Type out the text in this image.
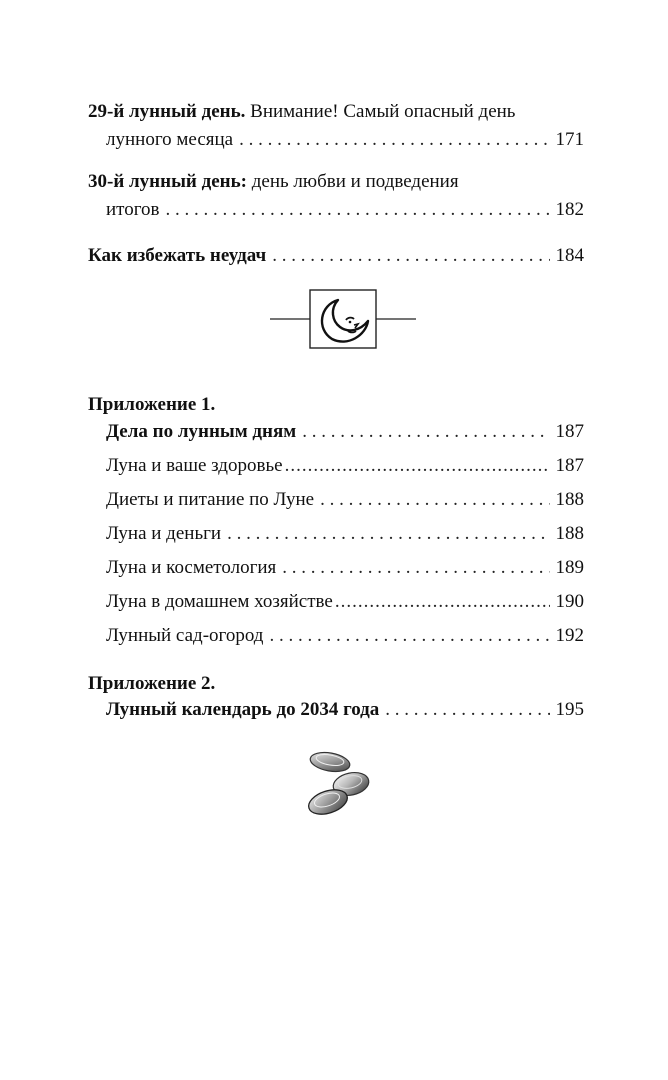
29-й лунный день. Внимание! Самый опасный день
лунного месяца . . .	171
30-й лунный день: день любви и подведения
итогов . . .	182
Как избежать неудач . . .	184
Приложение 1.
Дела по лунным дням . . .	187
Луна и ваше здоровье .....	187
Диеты и питание по Луне . . .	188
Луна и деньги . . .	188
Луна и косметология . . .	189
Луна в домашнем хозяйстве .....	190
Лунный сад-огород . . .	192
Приложение 2.
Лунный календарь до 2034 года . . .	195
